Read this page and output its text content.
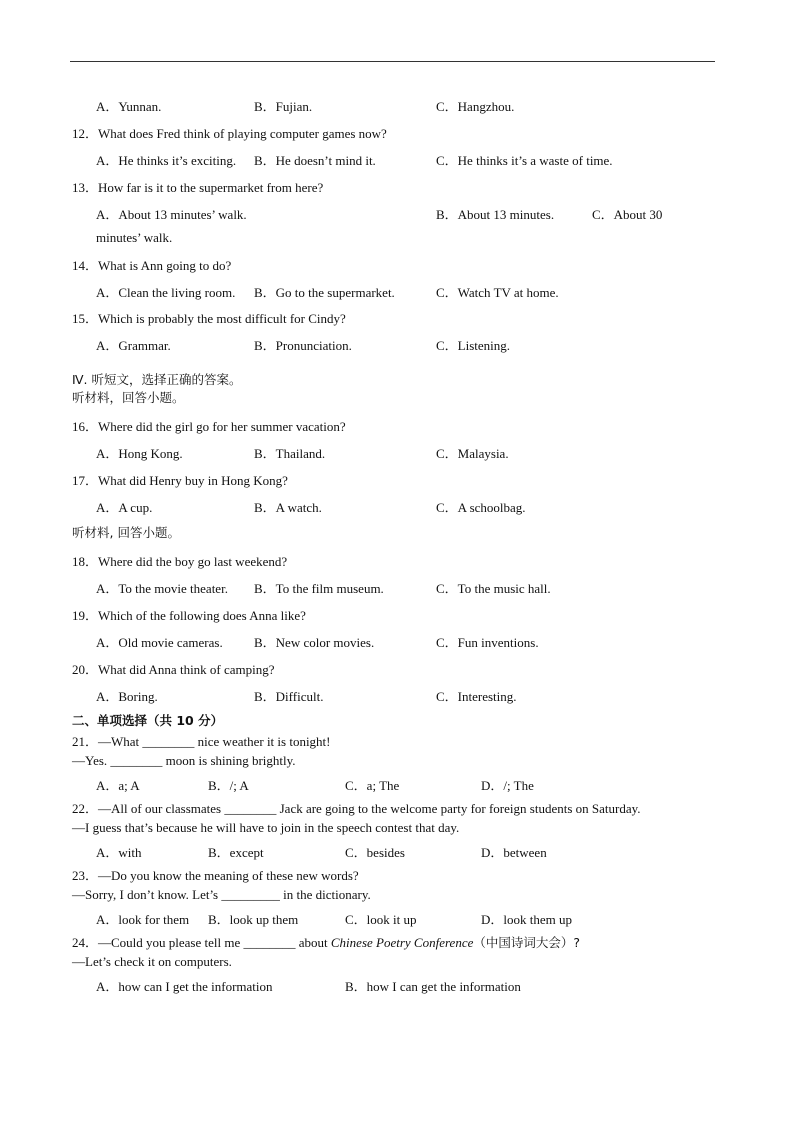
A．Yunnan.	B．Fujian.	C．Hangzhou.
12．What does Fred think of playing computer games now?
A．He thinks it’s exciting. B．He doesn’t mind it.	C．He thinks it’s a waste of time.
13．How far is it to the supermarket from here?
A．About 13 minutes’ walk.	B．About 13 minutes.	C．About 30
minutes’ walk.
14．What is Ann going to do?
A．Clean the living room. B．Go to the supermarket.	C．Watch TV at home.
15．Which is probably the most difficult for Cindy?
A．Grammar.	B．Pronunciation.	C．Listening.
Ⅳ. 听短文，选择正确的答案。
听材料，回答小题。
16．Where did the girl go for her summer vacation?
A．Hong Kong.	B．Thailand.	C．Malaysia.
17．What did Henry buy in Hong Kong?
A．A cup.	B．A watch.	C．A schoolbag.
听材料, 回答小题。
18．Where did the boy go last weekend?
A．To the movie theater. B．To the film museum.	C．To the music hall.
19．Which of the following does Anna like?
A．Old movie cameras. B．New color movies.	C．Fun inventions.
20．What did Anna think of camping?
A．Boring.	B．Difficult.	C．Interesting.
二、单项选择（共 10 分）
21．—What ________ nice weather it is tonight!
—Yes. ________ moon is shining brightly.
A．a; A	B．/; A	C．a; The	D．/; The
22．—All of our classmates ________ Jack are going to the welcome party for foreign students on Saturday.
—I guess that’s because he will have to join in the speech contest that day.
A．with	B．except	C．besides	D．between
23．—Do you know the meaning of these new words?
—Sorry, I don’t know. Let’s _________ in the dictionary.
A．look for them B．look up them	C．look it up	D．look them up
24．—Could you please tell me ________ about Chinese Poetry Conference（中国诗词大会）?
—Let’s check it on computers.
A．how can I get the information	B．how I can get the information
